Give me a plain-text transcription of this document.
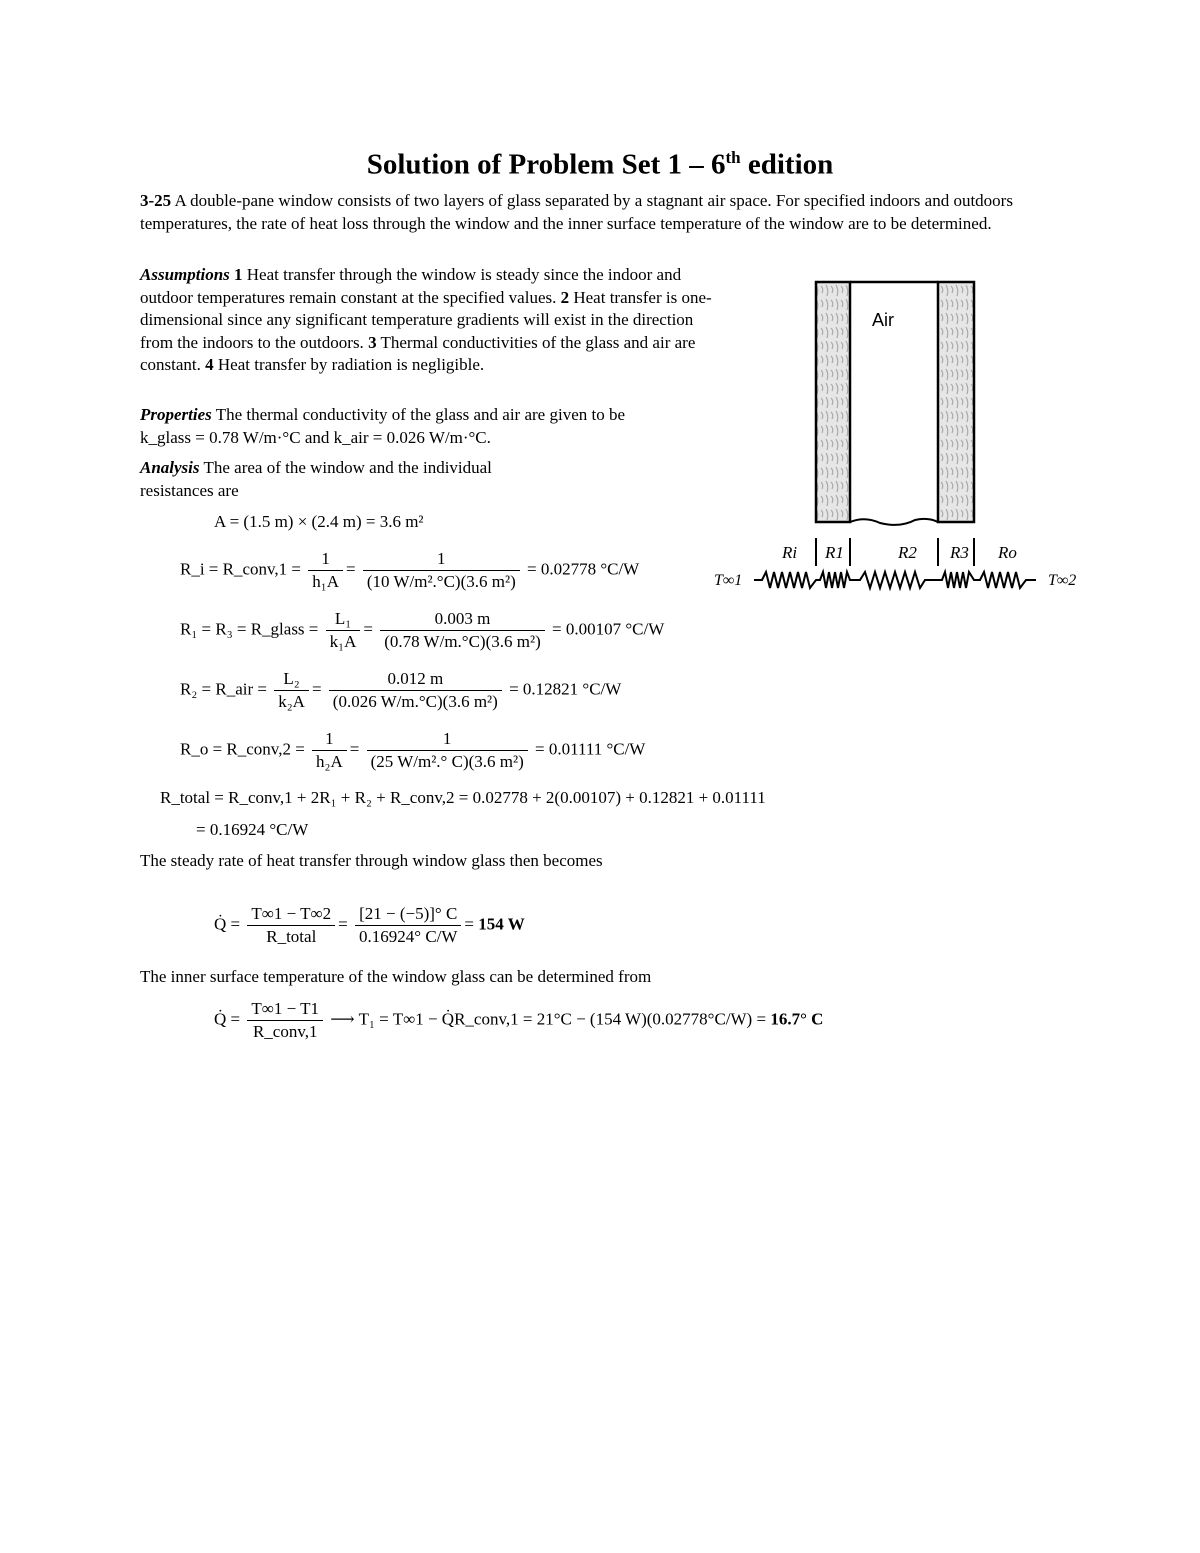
Solution of Problem Set 1 – 6th edition
3-25 A double-pane window consists of two layers of glass separated by a stagnant air space. For specified indoors and outdoors temperatures, the rate of heat loss through the window and the inner surface temperature of the window are to be determined.
Assumptions 1 Heat transfer through the window is steady since the indoor and outdoor temperatures remain constant at the specified values. 2 Heat transfer is one-dimensional since any significant temperature gradients will exist in the direction from the indoors to the outdoors. 3 Thermal conductivities of the glass and air are constant. 4 Heat transfer by radiation is negligible.
Properties The thermal conductivity of the glass and air are given to be
k_glass = 0.78 W/m·°C and k_air = 0.026 W/m·°C.
Analysis The area of the window and the individual resistances are
A = (1.5 m) × (2.4 m) = 3.6 m²
R_i = R_conv,1 = $\frac{1}{\text{h₁A}} = \frac{1}{\text{(10 W/m².°C)(3.6 m²)}} = 0.02778$ °C/W
R₁ = R₃ = R_glass = $\frac{\text{L₁}}{\text{k₁A}} = \frac{0.003 m}{\text{(0.78 W/m.°C)(3.6 m²)}} = 0.00107$ °C/W
R₂ = R_air = $\frac{\text{L₂}}{\text{k₂A}} = \frac{0.012 m}{\text{(0.026 W/m.°C)(3.6 m²)}} = 0.12821$ °C/W
R_o = R_conv,2 = $\frac{1}{\text{h₂A}} = \frac{1}{\text{(25 W/m².° C)(3.6 m²)}} = 0.01111$ °C/W
R_total = R_conv,1 + 2R₁ + R₂ + R_conv,2 = 0.02778 + 2(0.00107) + 0.12821 + 0.01111
= 0.16924 °C/W
The steady rate of heat transfer through window glass then becomes
Q̇ = $\frac{T\infty 1 - T\infty 2}{\text{R\_total}} = \frac{[21 - (-5)]^\circ C}{0.16924^\circ C/W} = 154$ W
The inner surface temperature of the window glass can be determined from
Q̇ = $\frac{T\infty 1 - T1}{\text{R\_conv,1}}$ ⟶ T₁ = T∞1 − Q̇R_conv,1 = 21°C − (154 W)(0.02778°C/W) = 16.7° C
Air
Ri R1	R2 R3 Ro
T∞1	T∞2
